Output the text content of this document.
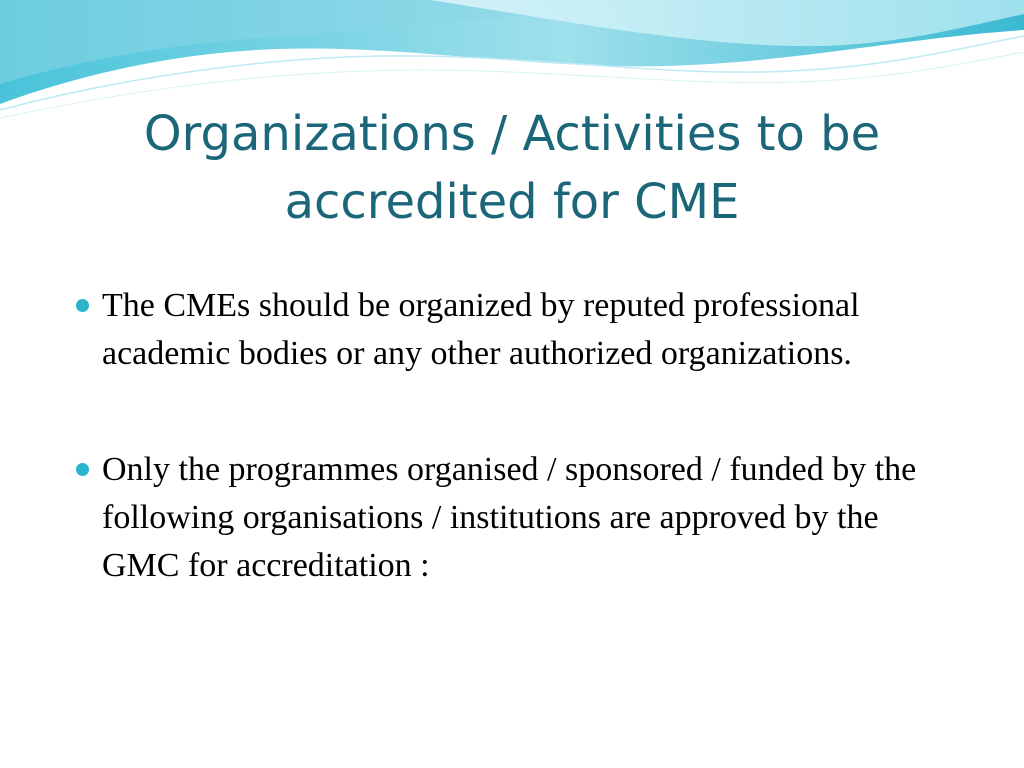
Organizations / Activities to be accredited for CME
The CMEs should be organized by reputed professional academic bodies or any other authorized organizations.
Only the programmes organised / sponsored / funded by the following organisations / institutions are approved by the GMC for accreditation :
